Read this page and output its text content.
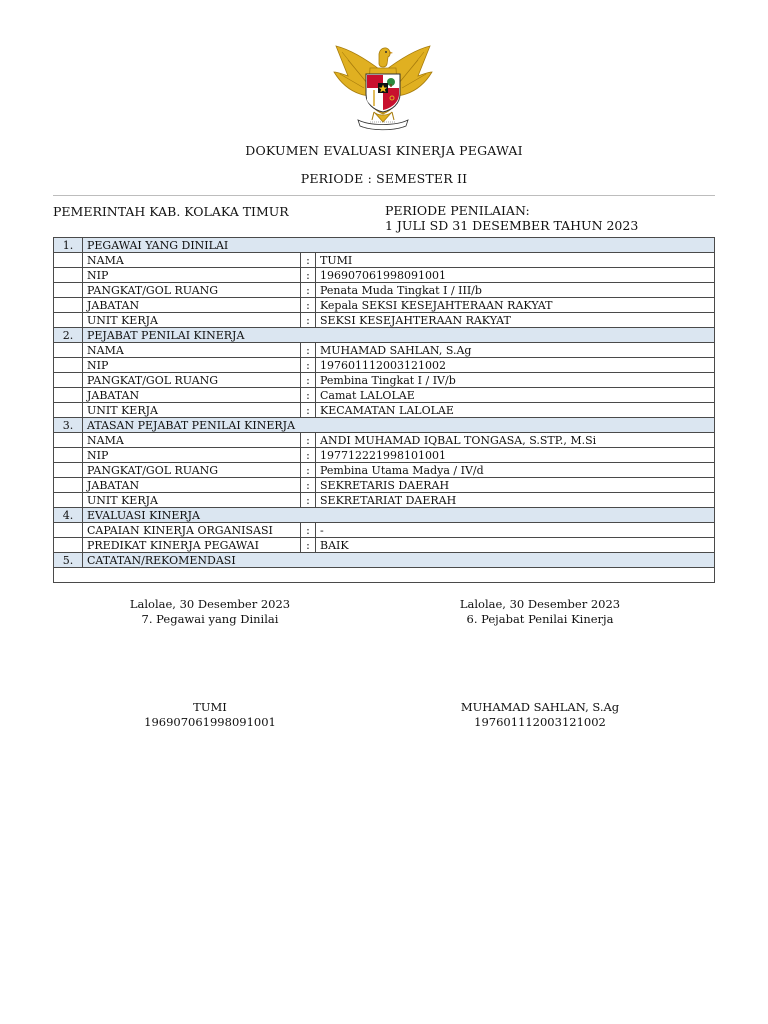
DOKUMEN EVALUASI KINERJA PEGAWAI
PERIODE : SEMESTER II
PEMERINTAH KAB. KOLAKA TIMUR	PERIODE PENILAIAN:
1 JULI SD 31 DESEMBER TAHUN 2023
1.	PEGAWAI YANG DINILAI		
	NAMA	:	TUMI
	NIP	:	196907061998091001
	PANGKAT/GOL RUANG	:	Penata Muda Tingkat I / III/b
	JABATAN	:	Kepala SEKSI KESEJAHTERAAN RAKYAT
	UNIT KERJA	:	SEKSI KESEJAHTERAAN RAKYAT
2.	PEJABAT PENILAI KINERJA		
	NAMA	:	MUHAMAD SAHLAN, S.Ag
	NIP	:	197601112003121002
	PANGKAT/GOL RUANG	:	Pembina Tingkat I / IV/b
	JABATAN	:	Camat LALOLAE
	UNIT KERJA	:	KECAMATAN LALOLAE
3.	ATASAN PEJABAT PENILAI KINERJA		
	NAMA	:	ANDI MUHAMAD IQBAL TONGASA, S.STP., M.Si
	NIP	:	197712221998101001
	PANGKAT/GOL RUANG	:	Pembina Utama Madya / IV/d
	JABATAN	:	SEKRETARIS DAERAH
	UNIT KERJA	:	SEKRETARIAT DAERAH
4.	EVALUASI KINERJA		
	CAPAIAN KINERJA ORGANISASI	:	-
	PREDIKAT KINERJA PEGAWAI	:	BAIK
5.	CATATAN/REKOMENDASI		

Lalolae, 30 Desember 2023
7. Pegawai yang Dinilai
Lalolae, 30 Desember 2023
6. Pejabat Penilai Kinerja
TUMI
196907061998091001
MUHAMAD SAHLAN, S.Ag
197601112003121002
